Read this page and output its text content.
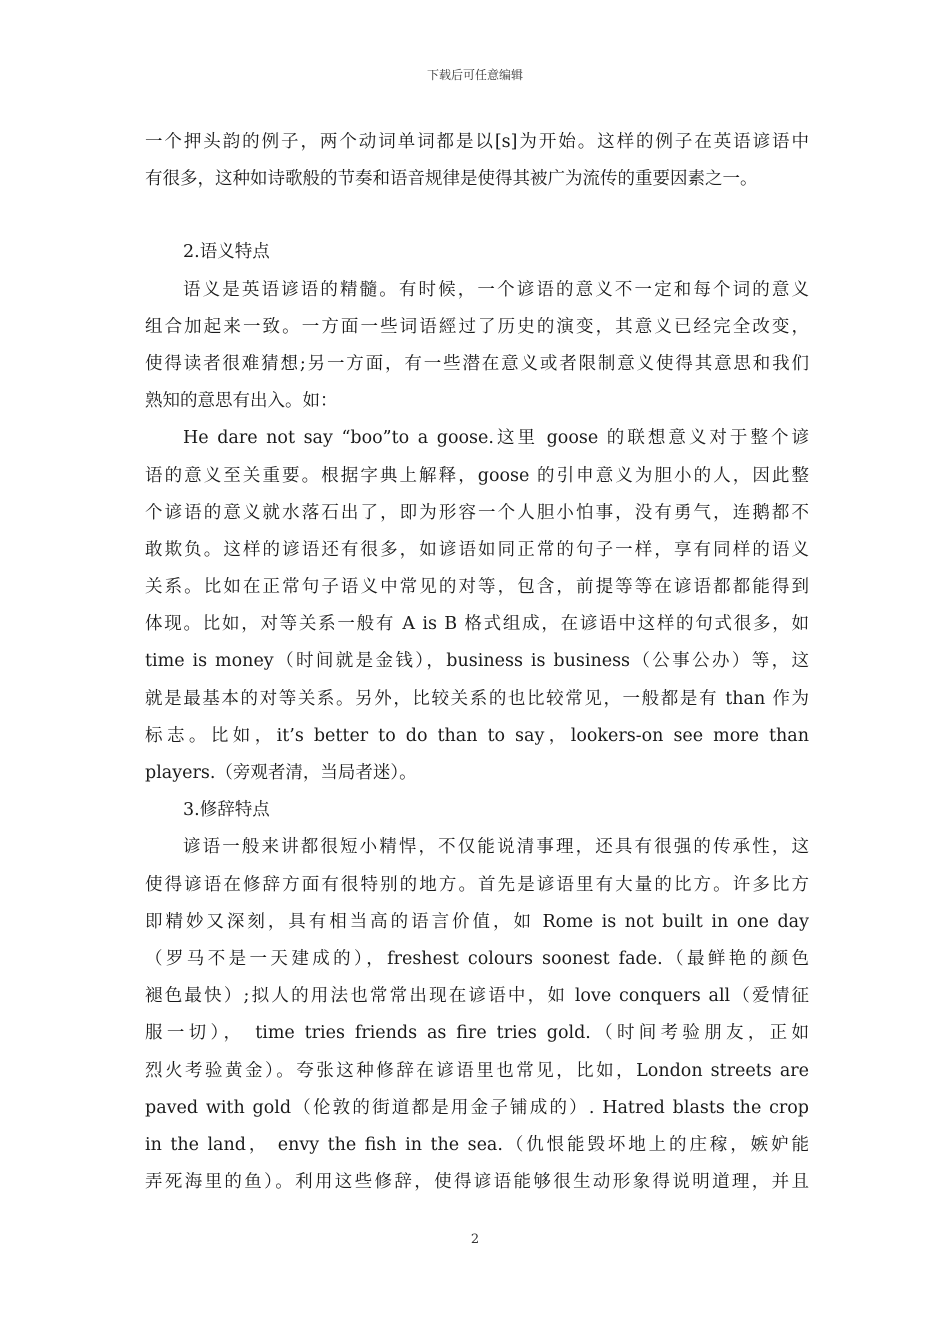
下载后可任意编辑
一个押头韵的例子，两个动词单词都是以[s]为开始。这样的例子在英语谚语中
有很多，这种如诗歌般的节奏和语音规律是使得其被广为流传的重要因素之一。
2.语义特点
语义是英语谚语的精髓。有时候，一个谚语的意义不一定和每个词的意义
组合加起来一致。一方面一些词语經过了历史的演变，其意义已经完全改变，
使得读者很难猜想;另一方面，有一些潜在意义或者限制意义使得其意思和我们
熟知的意思有出入。如：
He dare not say “boo”to a goose.这里 goose 的联想意义对于整个谚
语的意义至关重要。根据字典上解释，goose 的引申意义为胆小的人，因此整
个谚语的意义就水落石出了，即为形容一个人胆小怕事，没有勇气，连鹅都不
敢欺负。这样的谚语还有很多，如谚语如同正常的句子一样，享有同样的语义
关系。比如在正常句子语义中常见的对等，包含，前提等等在谚语都都能得到
体现。比如，对等关系一般有 A is B 格式组成，在谚语中这样的句式很多，如
time is money（时间就是金钱），business is business（公事公办）等，这
就是最基本的对等关系。另外，比较关系的也比较常见，一般都是有 than 作为
标志。比如，it’s better to do than to say，lookers-on see more than
players.（旁观者清，当局者迷）。
3.修辞特点
谚语一般来讲都很短小精悍，不仅能说清事理，还具有很强的传承性，这
使得谚语在修辞方面有很特别的地方。首先是谚语里有大量的比方。许多比方
即精妙又深刻，具有相当高的语言价值，如 Rome is not built in one day
（罗马不是一天建成的），freshest colours soonest fade.（最鲜艳的颜色
褪色最快）;拟人的用法也常常出现在谚语中，如 love conquers all（爱情征
服一切）， time tries friends as fire tries gold.（时间考验朋友，正如
烈火考验黄金）。夸张这种修辞在谚语里也常见，比如，London streets are
paved with gold（伦敦的街道都是用金子铺成的）. Hatred blasts the crop
in the land， envy the fish in the sea.（仇恨能毁坏地上的庄稼，嫉妒能
弄死海里的鱼）。利用这些修辞，使得谚语能够很生动形象得说明道理，并且
2
